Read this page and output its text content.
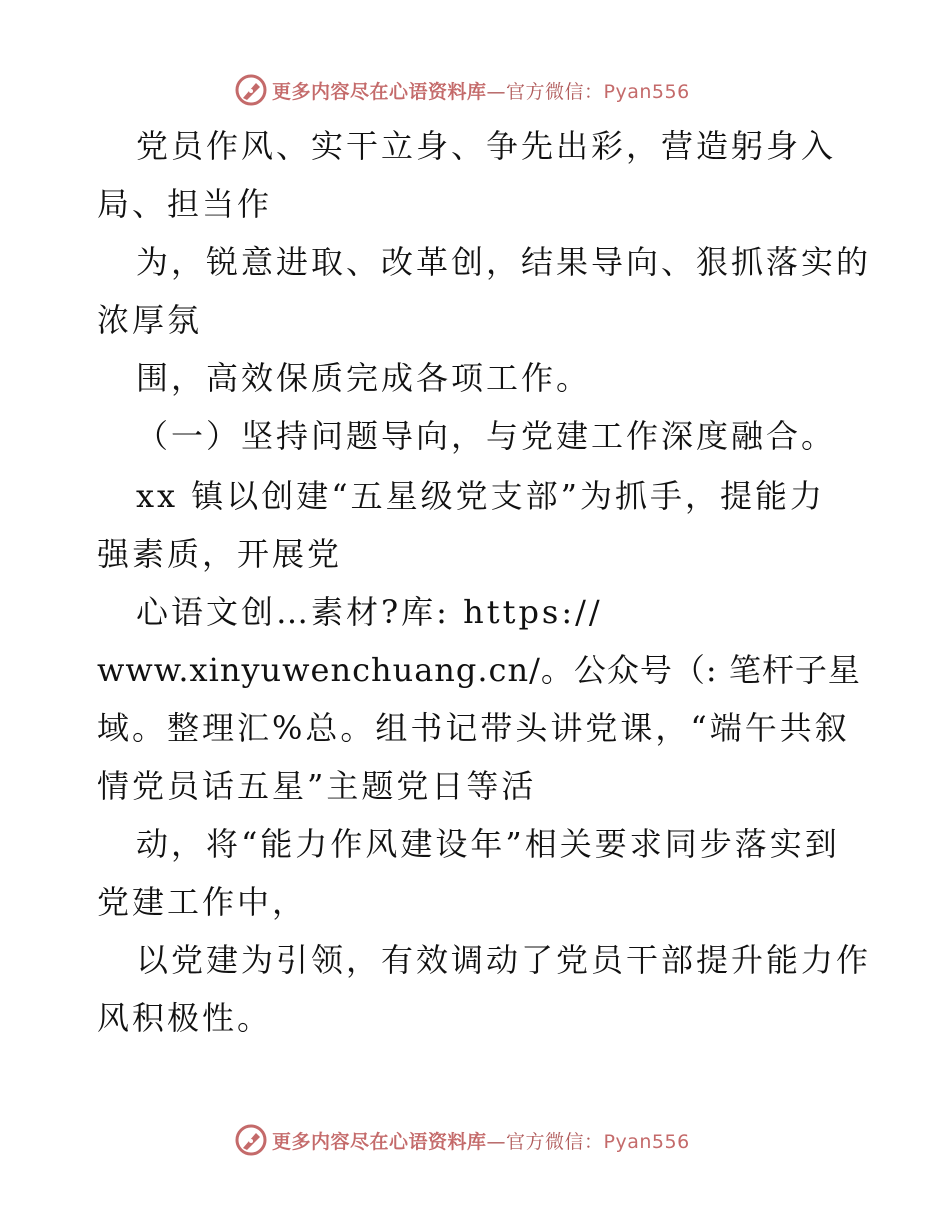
更多内容尽在心语资料库—官方微信：Pyan556
党员作风、实干立身、争先出彩，营造躬身入
局、担当作
为，锐意进取、改革创，结果导向、狠抓落实的
浓厚氛
围，高效保质完成各项工作。
（一）坚持问题导向，与党建工作深度融合。
xx 镇以创建“五星级党支部”为抓手，提能力
强素质，开展党
心语文创…素材?库: https://
www.xinyuwenchuang.cn/。公众号（: 笔杆子星
域。整理汇%总。组书记带头讲党课，“端午共叙
情党员话五星”主题党日等活
动，将“能力作风建设年”相关要求同步落实到
党建工作中，
以党建为引领，有效调动了党员干部提升能力作
风积极性。
更多内容尽在心语资料库—官方微信：Pyan556
